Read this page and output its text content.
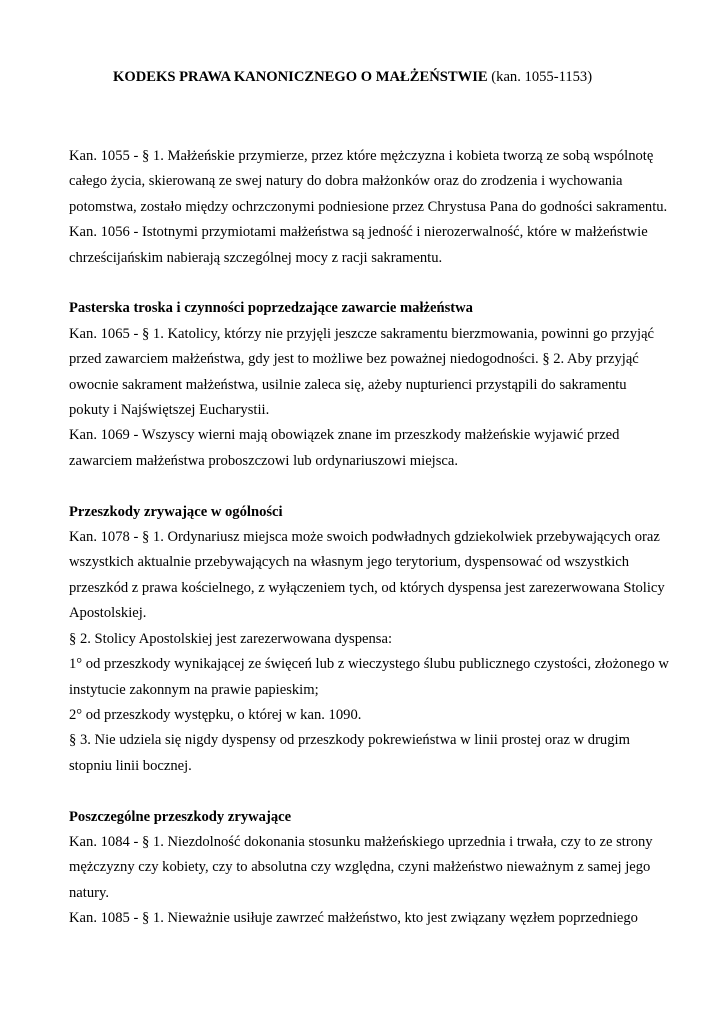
KODEKS PRAWA KANONICZNEGO O MAŁŻEŃSTWIE (kan. 1055-1153)

Kan. 1055 - § 1. Małżeńskie przymierze, przez które mężczyzna i kobieta tworzą ze sobą wspólnotę całego życia, skierowaną ze swej natury do dobra małżonków oraz do zrodzenia i wychowania potomstwa, zostało między ochrzczonymi podniesione przez Chrystusa Pana do godności sakramentu.

Kan. 1056 - Istotnymi przymiotami małżeństwa są jedność i nierozerwalność, które w małżeństwie chrześcijańskim nabierają szczególnej mocy z racji sakramentu.

Pasterska troska i czynności poprzedzające zawarcie małżeństwa

Kan. 1065 - § 1. Katolicy, którzy nie przyjęli jeszcze sakramentu bierzmowania, powinni go przyjąć przed zawarciem małżeństwa, gdy jest to możliwe bez poważnej niedogodności. § 2. Aby przyjąć owocnie sakrament małżeństwa, usilnie zaleca się, ażeby nupturienci przystąpili do sakramentu pokuty i Najświętszej Eucharystii.

Kan. 1069 - Wszyscy wierni mają obowiązek znane im przeszkody małżeńskie wyjawić przed zawarciem małżeństwa proboszczowi lub ordynariuszowi miejsca.

Przeszkody zrywające w ogólności

Kan. 1078 - § 1. Ordynariusz miejsca może swoich podwładnych gdziekolwiek przebywających oraz wszystkich aktualnie przebywających na własnym jego terytorium, dyspensować od wszystkich przeszkód z prawa kościelnego, z wyłączeniem tych, od których dyspensa jest zarezerwowana Stolicy Apostolskiej.

§ 2. Stolicy Apostolskiej jest zarezerwowana dyspensa:

1° od przeszkody wynikającej ze święceń lub z wieczystego ślubu publicznego czystości, złożonego w instytucie zakonnym na prawie papieskim;

2° od przeszkody występku, o której w kan. 1090.

§ 3. Nie udziela się nigdy dyspensy od przeszkody pokrewieństwa w linii prostej oraz w drugim stopniu linii bocznej.

Poszczególne przeszkody zrywające

Kan. 1084 - § 1. Niezdolność dokonania stosunku małżeńskiego uprzednia i trwała, czy to ze strony mężczyzny czy kobiety, czy to absolutna czy względna, czyni małżeństwo nieważnym z samej jego natury.

Kan. 1085 - § 1. Nieważnie usiłuje zawrzeć małżeństwo, kto jest związany węzłem poprzedniego
